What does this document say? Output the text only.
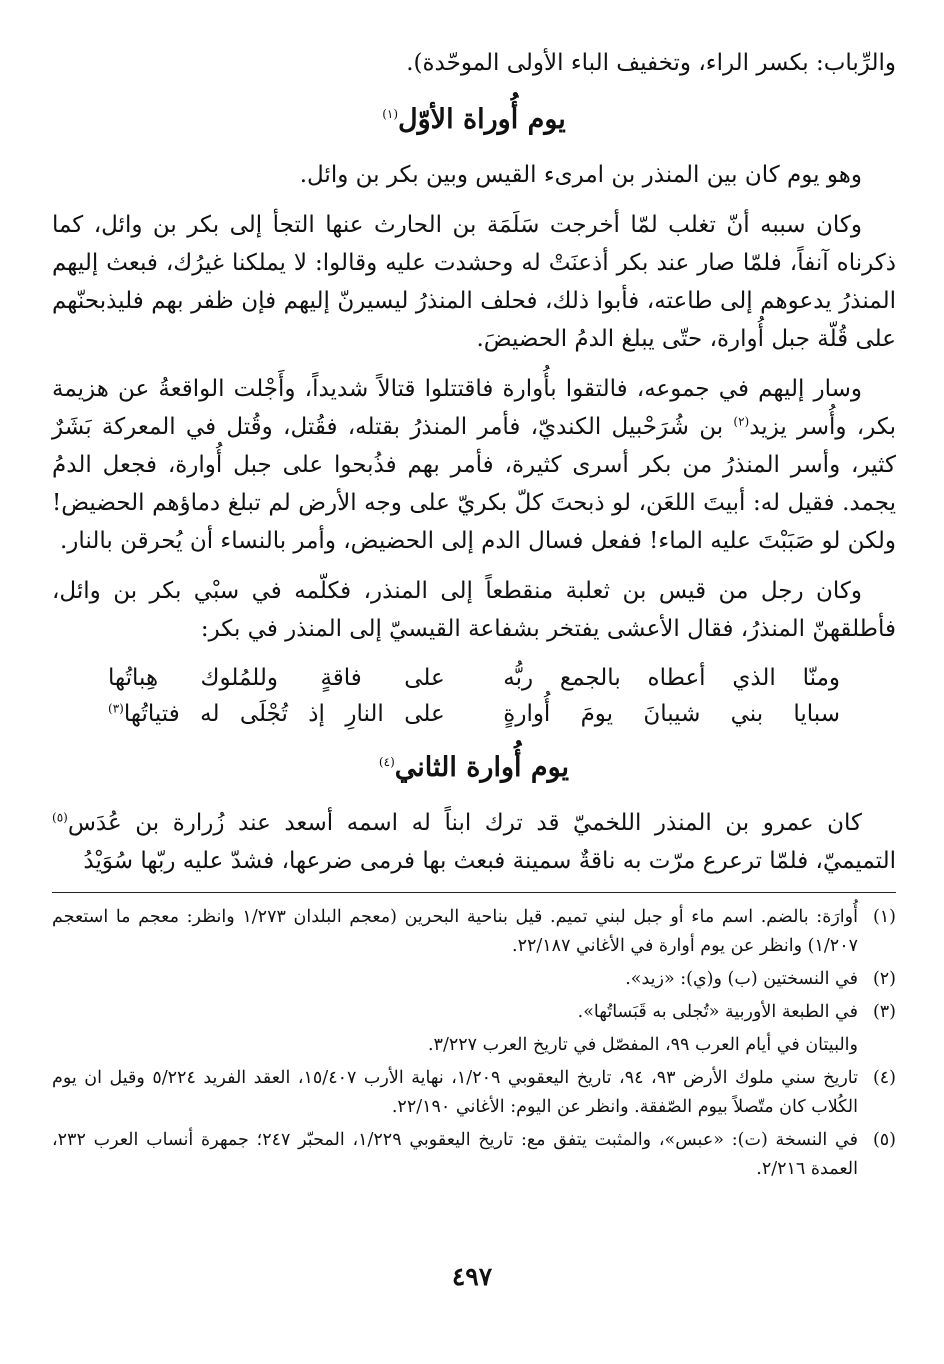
والرِّباب: بكسر الراء، وتخفيف الباء الأولى الموحّدة).

يوم أُوراة الأوّل$^{(١)}$

وهو يوم كان بين المنذر بن امرىء القيس وبين بكر بن وائل.

وكان سببه أنّ تغلب لمّا أخرجت سَلَمَة بن الحارث عنها التجأ إلى بكر بن وائل، كما ذكرناه آنفاً، فلمّا صار عند بكر أذعنَتْ له وحشدت عليه وقالوا: لا يملكنا غيرُك، فبعث إليهم المنذرُ يدعوهم إلى طاعته، فأبوا ذلك، فحلف المنذرُ ليسيرنّ إليهم فإن ظفر بهم فليذبحنّهم على قُلّة جبل أُوارة، حتّى يبلغ الدمُ الحضيضَ.

وسار إليهم في جموعه، فالتقوا بأُوارة فاقتتلوا قتالاً شديداً، وأَجْلت الواقعةُ عن هزيمة بكر، وأُسر يزيد$^{(٢)}$ بن شُرَحْبيل الكنديّ، فأمر المنذرُ بقتله، فقُتل، وقُتل في المعركة بَشَرٌ كثير، وأسر المنذرُ من بكر أسرى كثيرة، فأمر بهم فذُبحوا على جبل أُوارة، فجعل الدمُ يجمد. فقيل له: أبيتَ اللعَن، لو ذبحتَ كلّ بكريّ على وجه الأرض لم تبلغ دماؤهم الحضيض! ولكن لو صَبَبْتَ عليه الماء! ففعل فسال الدم إلى الحضيض، وأمر بالنساء أن يُحرقن بالنار.

وكان رجل من قيس بن ثعلبة منقطعاً إلى المنذر، فكلّمه في سبْي بكر بن وائل، فأطلقهنّ المنذرُ، فقال الأعشى يفتخر بشفاعة القيسيّ إلى المنذر في بكر:

ومنّا الذي أعطاه بالجمع ربُّه
على فاقةٍ وللمُلوك هِباتُها
سبايا بني شيبانَ يومَ أُوارةٍ
على النارِ إذ تُجْلَى له فتياتُها$^{(٣)}$
يوم أُوارة الثاني$^{(٤)}$

كان عمرو بن المنذر اللخميّ قد ترك ابناً له اسمه أسعد عند زُرارة بن عُدَس$^{(٥)}$ التميميّ، فلمّا ترعرع مرّت به ناقةٌ سمينة فبعث بها فرمى ضرعها، فشدّ عليه ربّها سُوَيْدُ

(١)

أُوارَة: بالضم. اسم ماء أو جبل لبني تميم. قيل بناحية البحرين (معجم البلدان ١/٢٧٣ وانظر: معجم ما استعجم ١/٢٠٧) وانظر عن يوم أوارة في الأغاني ٢٢/١٨٧.

(٢)

في النسختين (ب) و(ي): «زيد».

(٣)

في الطبعة الأوربية «تُجلى به قَبَساتُها».

والبيتان في أيام العرب ٩٩، المفصّل في تاريخ العرب ٣/٢٢٧.

(٤)

تاريخ سني ملوك الأرض ٩٣، ٩٤، تاريخ اليعقوبي ١/٢٠٩، نهاية الأرب ١٥/٤٠٧، العقد الفريد ٥/٢٢٤ وقيل ان يوم الكُلاب كان متّصلاً بيوم الصّفقة. وانظر عن اليوم: الأغاني ٢٢/١٩٠.

(٥)

في النسخة (ت): «عبس»، والمثبت يتفق مع: تاريخ اليعقوبي ١/٢٢٩، المحبّر ٢٤٧؛ جمهرة أنساب العرب ٢٣٢، العمدة ٢/٢١٦.

٤٩٧
